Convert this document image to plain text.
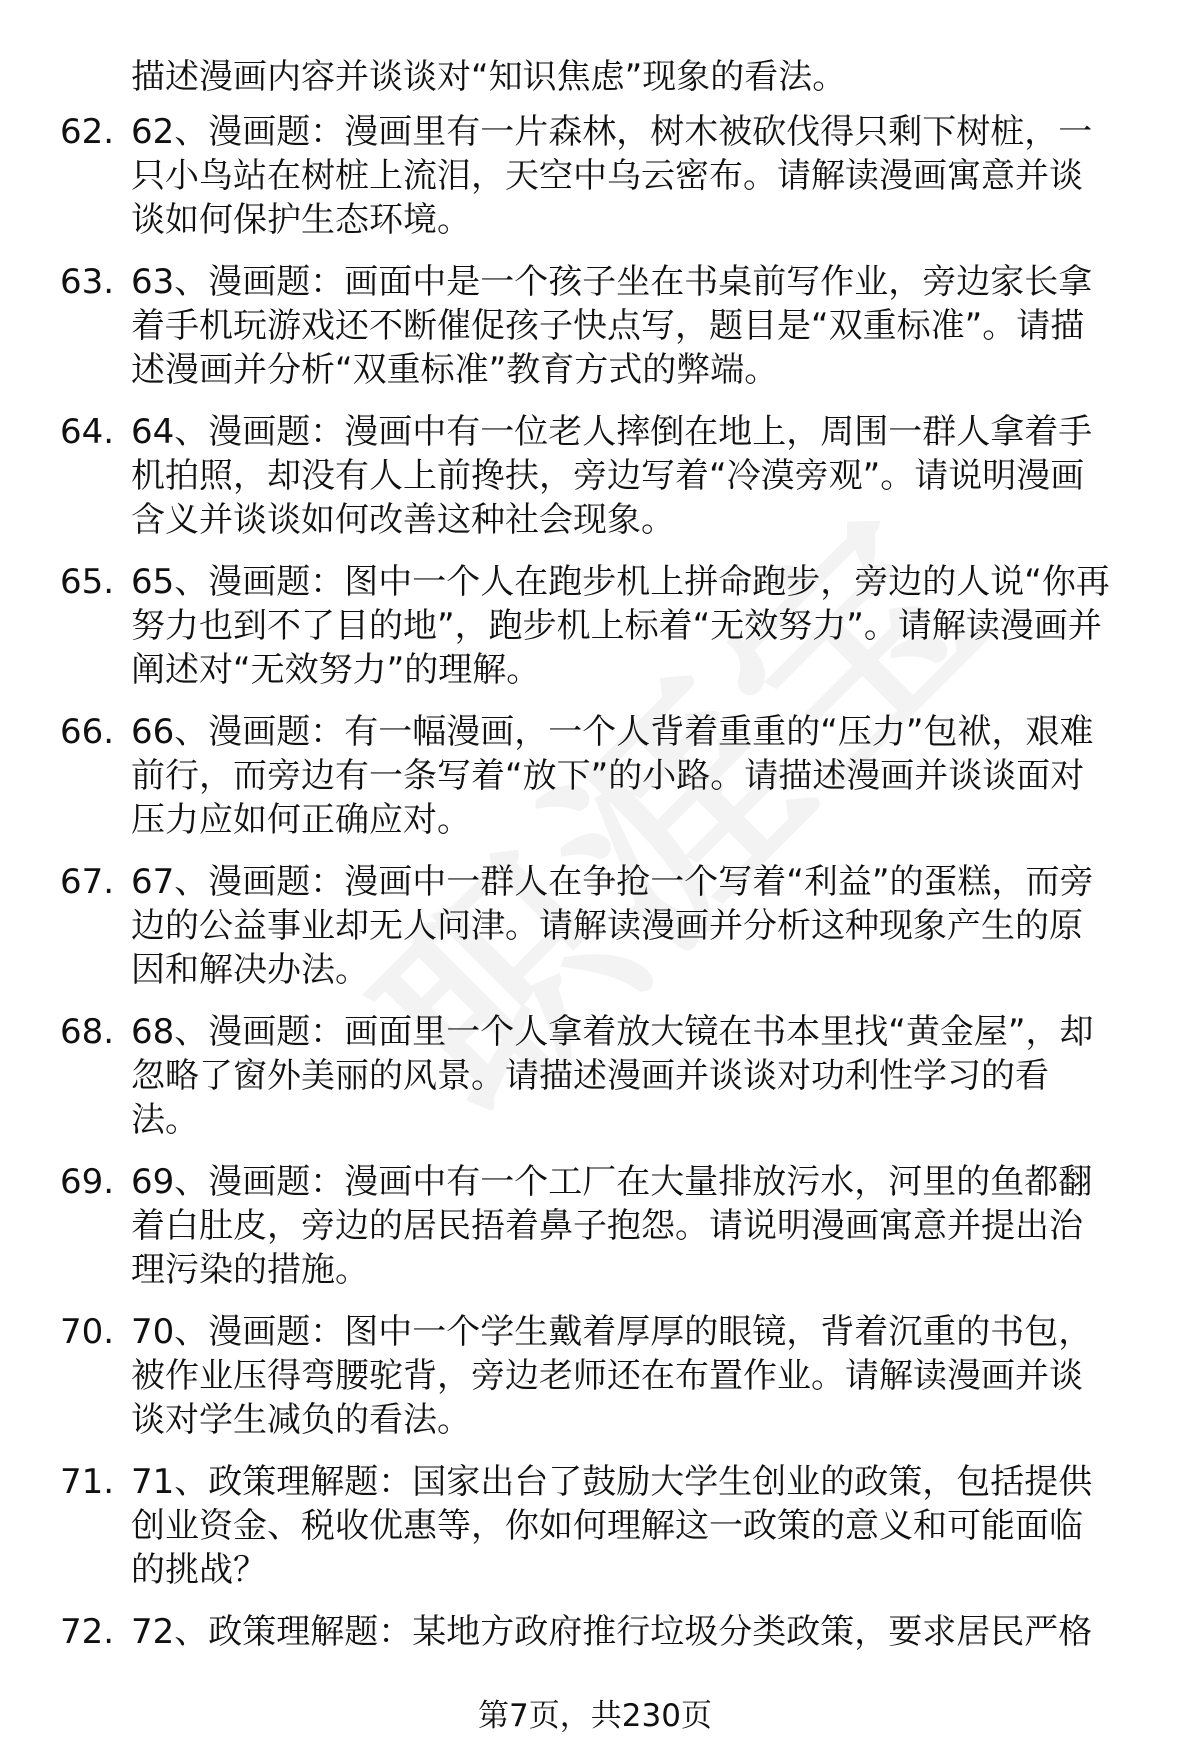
描述漫画内容并谈谈对“知识焦虑”现象的看法。
62. 62、漫画题：漫画里有一片森林，树木被砍伐得只剩下树桩，一
只小鸟站在树桩上流泪，天空中乌云密布。请解读漫画寓意并谈
谈如何保护生态环境。
63. 63、漫画题：画面中是一个孩子坐在书桌前写作业，旁边家长拿
着手机玩游戏还不断催促孩子快点写，题目是“双重标准”。请描
述漫画并分析“双重标准”教育方式的弊端。
64. 64、漫画题：漫画中有一位老人摔倒在地上，周围一群人拿着手
机拍照，却没有人上前搀扶，旁边写着“冷漠旁观”。请说明漫画
含义并谈谈如何改善这种社会现象。
65. 65、漫画题：图中一个人在跑步机上拼命跑步，旁边的人说“你再
努力也到不了目的地”，跑步机上标着“无效努力”。请解读漫画并
阐述对“无效努力”的理解。
66. 66、漫画题：有一幅漫画，一个人背着重重的“压力”包袱，艰难
前行，而旁边有一条写着“放下”的小路。请描述漫画并谈谈面对
压力应如何正确应对。
67. 67、漫画题：漫画中一群人在争抢一个写着“利益”的蛋糕，而旁
边的公益事业却无人问津。请解读漫画并分析这种现象产生的原
因和解决办法。
68. 68、漫画题：画面里一个人拿着放大镜在书本里找“黄金屋”，却
忽略了窗外美丽的风景。请描述漫画并谈谈对功利性学习的看
法。
69. 69、漫画题：漫画中有一个工厂在大量排放污水，河里的鱼都翻
着白肚皮，旁边的居民捂着鼻子抱怨。请说明漫画寓意并提出治
理污染的措施。
70. 70、漫画题：图中一个学生戴着厚厚的眼镜，背着沉重的书包，
被作业压得弯腰驼背，旁边老师还在布置作业。请解读漫画并谈
谈对学生减负的看法。
71. 71、政策理解题：国家出台了鼓励大学生创业的政策，包括提供
创业资金、税收优惠等，你如何理解这一政策的意义和可能面临
的挑战？
72. 72、政策理解题：某地方政府推行垃圾分类政策，要求居民严格
第7页，共230页
